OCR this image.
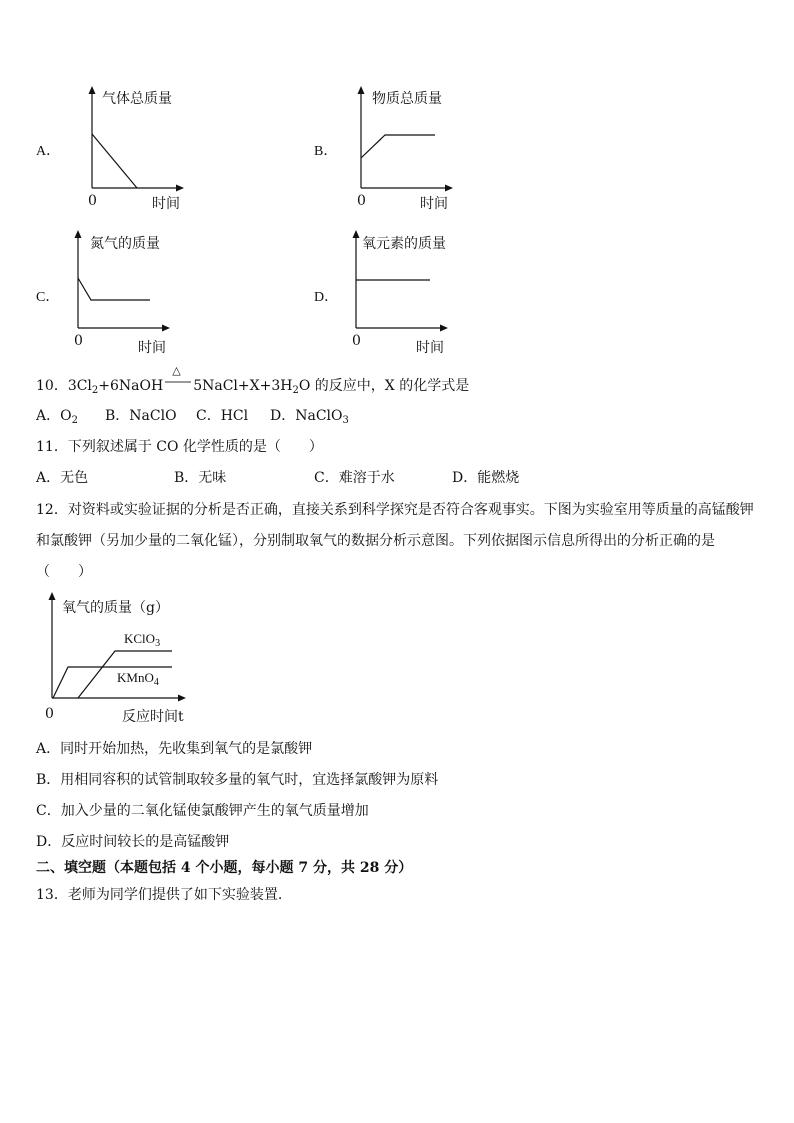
A．
气体总质量
0	时间
B．
物质总质量
0	时间
C．
氮气的质量
0	时间
D．
氧元素的质量
0	时间
10．$3Cl_2+6NaOH$
△
$5NaCl+X+3H_2O$ 的反应中，X 的化学式是
A．$O_2$ B．NaClO C．HCl D．NaClO$_3$
11．下列叙述属于 CO 化学性质的是（　　）
A．无色	B．无味	C．难溶于水	D．能燃烧
12．对资料或实验证据的分析是否正确，直接关系到科学探究是否符合客观事实。下图为实验室用等质量的高锰酸钾
和氯酸钾（另加少量的二氧化锰），分别制取氧气的数据分析示意图。下列依据图示信息所得出的分析正确的是
（　　）
氧气的质量（g）
0	反应时间t
KClO$_3$
KMnO$_4$
A．同时开始加热，先收集到氧气的是氯酸钾
B．用相同容积的试管制取较多量的氧气时，宜选择氯酸钾为原料
C．加入少量的二氧化锰使氯酸钾产生的氧气质量增加
D．反应时间较长的是高锰酸钾
二、填空题（本题包括 4 个小题，每小题 7 分，共 28 分）
13．老师为同学们提供了如下实验装置.
